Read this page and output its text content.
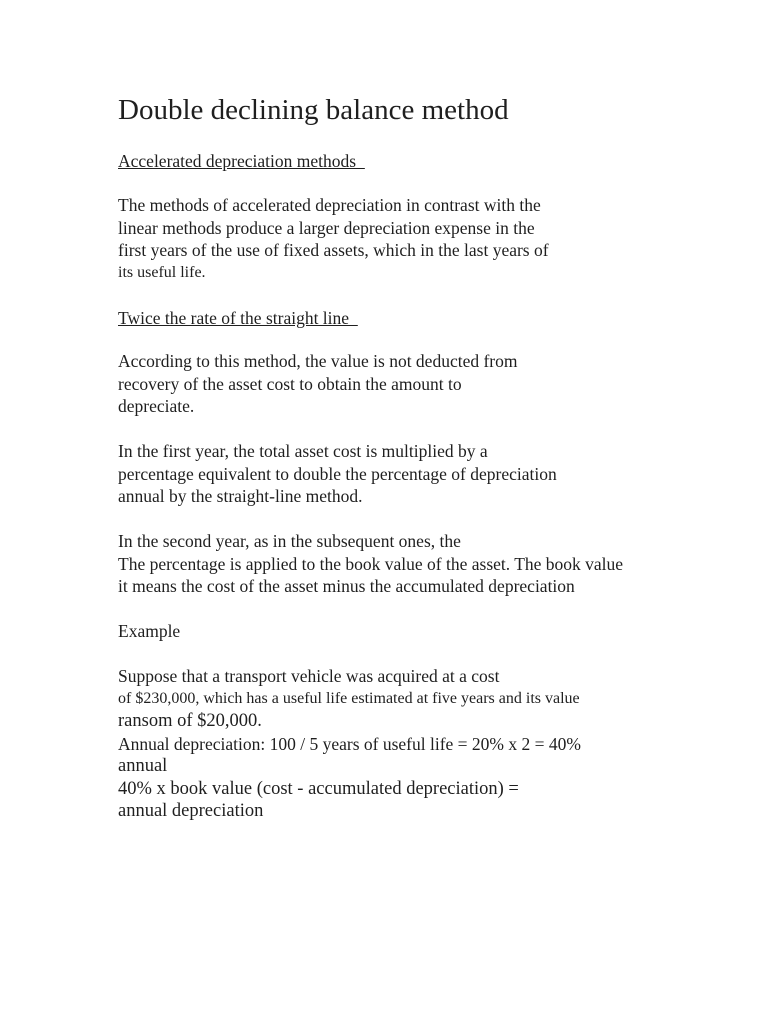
Double declining balance method
Accelerated depreciation methods
The methods of accelerated depreciation in contrast with the
linear methods produce a larger depreciation expense in the
first years of the use of fixed assets, which in the last years of
its useful life.
Twice the rate of the straight line
According to this method, the value is not deducted from
recovery of the asset cost to obtain the amount to
depreciate.
In the first year, the total asset cost is multiplied by a
percentage equivalent to double the percentage of depreciation
annual by the straight-line method.
In the second year, as in the subsequent ones, the
The percentage is applied to the book value of the asset. The book value
it means the cost of the asset minus the accumulated depreciation
Example
Suppose that a transport vehicle was acquired at a cost
of $230,000, which has a useful life estimated at five years and its value
ransom of $20,000.
Annual depreciation: 100 / 5 years of useful life = 20% x 2 = 40%
annual
40% x book value (cost - accumulated depreciation) =
annual depreciation
